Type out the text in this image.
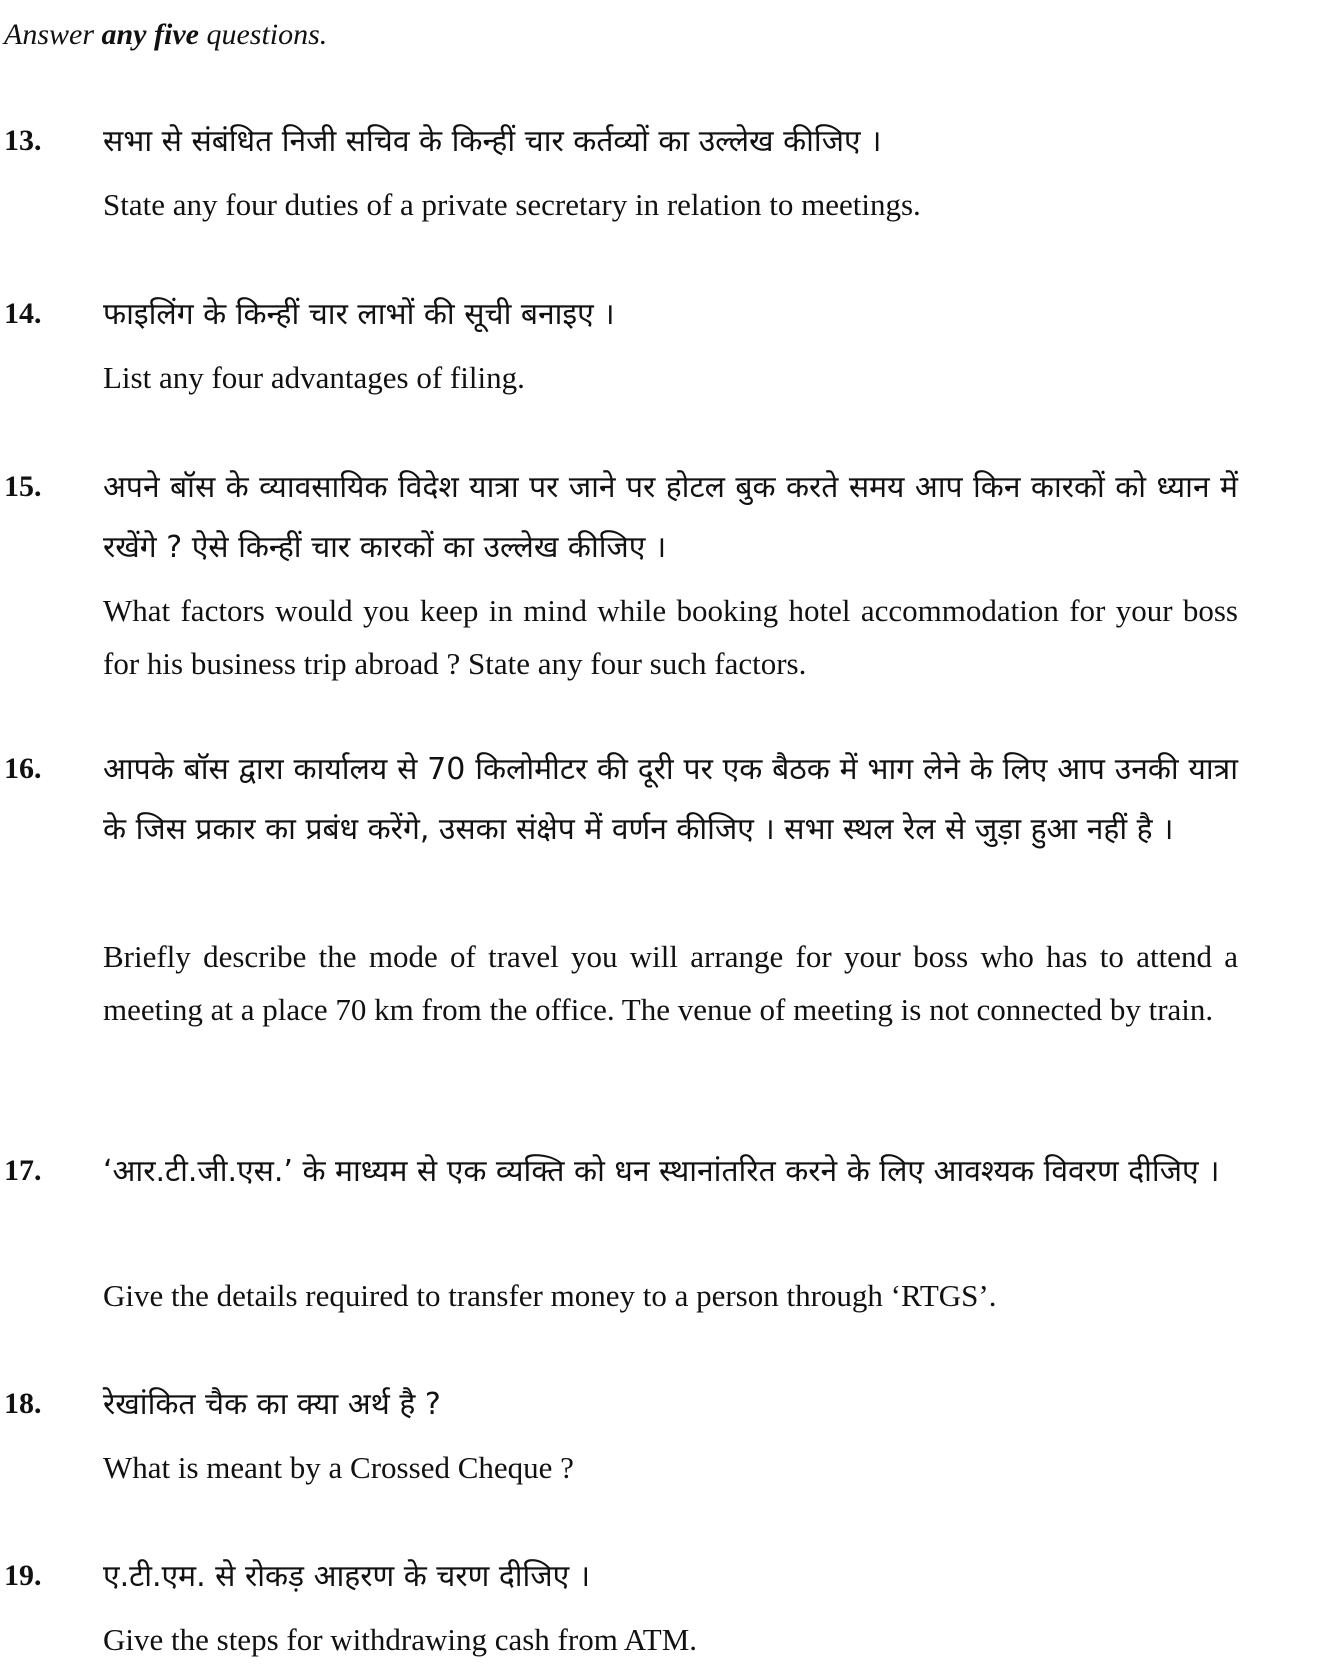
Answer any five questions.
13. सभा से संबंधित निजी सचिव के किन्हीं चार कर्तव्यों का उल्लेख कीजिए ।
State any four duties of a private secretary in relation to meetings.
14. फाइलिंग के किन्हीं चार लाभों की सूची बनाइए ।
List any four advantages of filing.
15. अपने बॉस के व्यावसायिक विदेश यात्रा पर जाने पर होटल बुक करते समय आप किन कारकों को ध्यान में रखेंगे ? ऐसे किन्हीं चार कारकों का उल्लेख कीजिए ।
What factors would you keep in mind while booking hotel accommodation for your boss for his business trip abroad ? State any four such factors.
16. आपके बॉस द्वारा कार्यालय से 70 किलोमीटर की दूरी पर एक बैठक में भाग लेने के लिए आप उनकी यात्रा के जिस प्रकार का प्रबंध करेंगे, उसका संक्षेप में वर्णन कीजिए । सभा स्थल रेल से जुड़ा हुआ नहीं है ।
Briefly describe the mode of travel you will arrange for your boss who has to attend a meeting at a place 70 km from the office. The venue of meeting is not connected by train.
17. ‘आर.टी.जी.एस.’ के माध्यम से एक व्यक्ति को धन स्थानांतरित करने के लिए आवश्यक विवरण दीजिए ।
Give the details required to transfer money to a person through ‘RTGS’.
18. रेखांकित चैक का क्या अर्थ है ?
What is meant by a Crossed Cheque ?
19. ए.टी.एम. से रोकड़ आहरण के चरण दीजिए ।
Give the steps for withdrawing cash from ATM.
